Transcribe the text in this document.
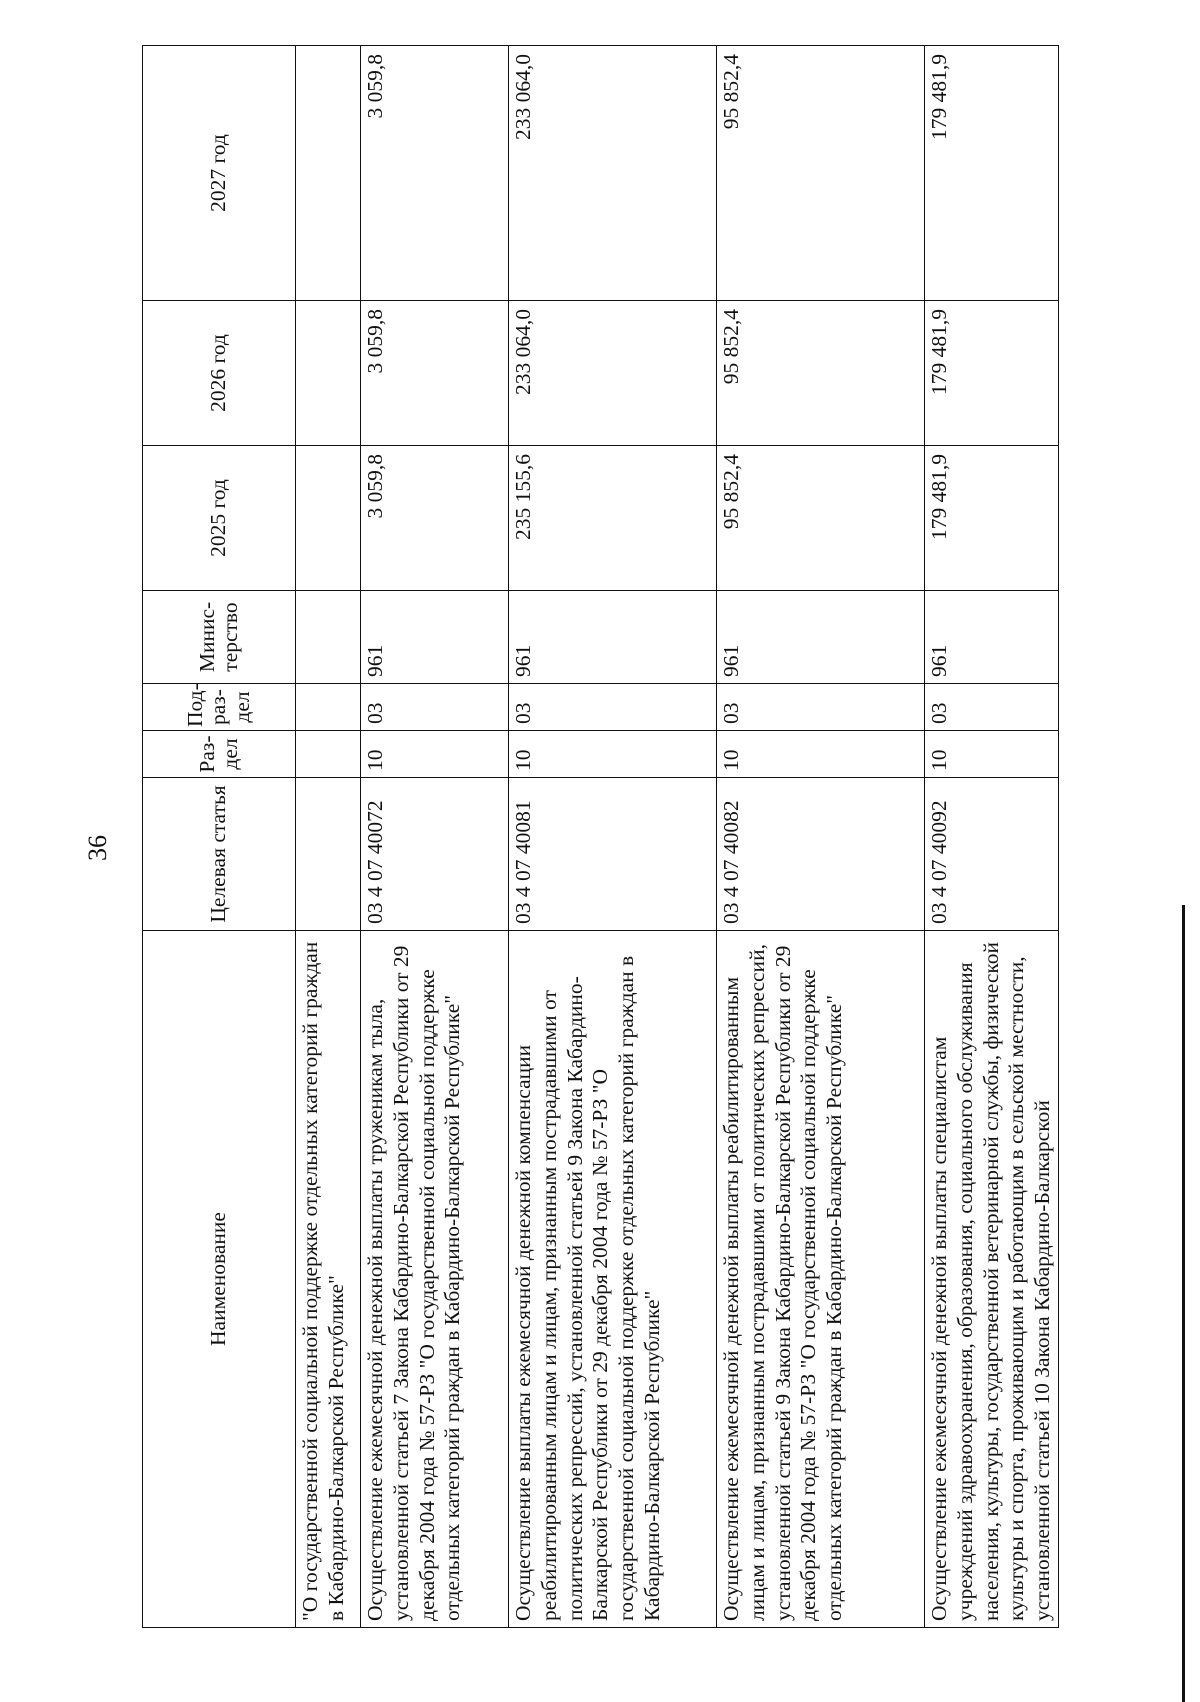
36
Наименование	Целевая статья	Раз- дел	Под- раз- дел	Минис- терство	2025 год	2026 год	2027 год
"О государственной социальной поддержке отдельных категорий граждан в Кабардино-Балкарской Республике"							
Осуществление ежемесячной денежной выплаты труженикам тыла, установленной статьей 7 Закона Кабардино-Балкарской Республики от 29 декабря 2004 года № 57-РЗ "О государственной социальной поддержке отдельных категорий граждан в Кабардино-Балкарской Республике"	03 4 07 40072	10	03	961	3 059,8	3 059,8	3 059,8
Осуществление выплаты ежемесячной денежной компенсации реабилитированным лицам и лицам, признанным пострадавшими от политических репрессий, установленной статьей 9 Закона Кабардино-Балкарской Республики от 29 декабря 2004 года № 57-РЗ "О государственной социальной поддержке отдельных категорий граждан в Кабардино-Балкарской Республике"	03 4 07 40081	10	03	961	235 155,6	233 064,0	233 064,0
Осуществление ежемесячной денежной выплаты реабилитированным лицам и лицам, признанным пострадавшими от политических репрессий, установленной статьей 9 Закона Кабардино-Балкарской Республики от 29 декабря 2004 года № 57-РЗ "О государственной социальной поддержке отдельных категорий граждан в Кабардино-Балкарской Республике"	03 4 07 40082	10	03	961	95 852,4	95 852,4	95 852,4
Осуществление ежемесячной денежной выплаты специалистам учреждений здравоохранения, образования, социального обслуживания населения, культуры, государственной ветеринарной службы, физической культуры и спорта, проживающим и работающим в сельской местности, установленной статьей 10 Закона Кабардино-Балкарской	03 4 07 40092	10	03	961	179 481,9	179 481,9	179 481,9
